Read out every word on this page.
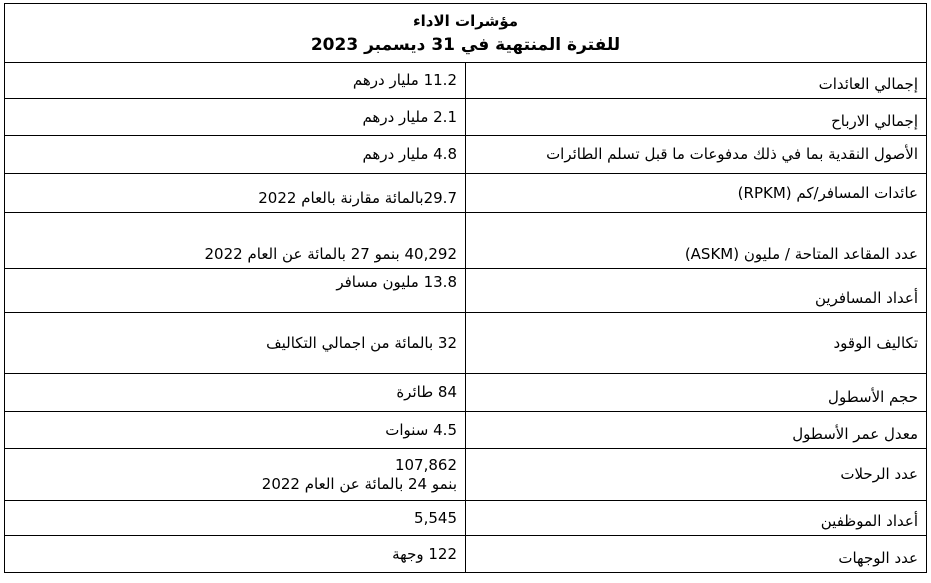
مؤشرات الاداء
للفترة المنتهية في 31 ديسمبر 2023	

إجمالي العائدات	11.2 مليار درهم
إجمالي الارباح	2.1 مليار درهم
الأصول النقدية بما في ذلك مدفوعات ما قبل تسلم الطائرات	4.8 مليار درهم
عائدات المسافر/كم (RPKM)	29.7بالمائة مقارنة بالعام 2022
عدد المقاعد المتاحة / مليون (ASKM)	40,292 بنمو 27 بالمائة عن العام 2022
أعداد المسافرين	13.8 مليون مسافر
تكاليف الوقود	32 بالمائة من اجمالي التكاليف
حجم الأسطول	84 طائرة
معدل عمر الأسطول	4.5 سنوات
عدد الرحلات	107,862
بنمو 24 بالمائة عن العام 2022

أعداد الموظفين	5,545
عدد الوجهات	122 وجهة
